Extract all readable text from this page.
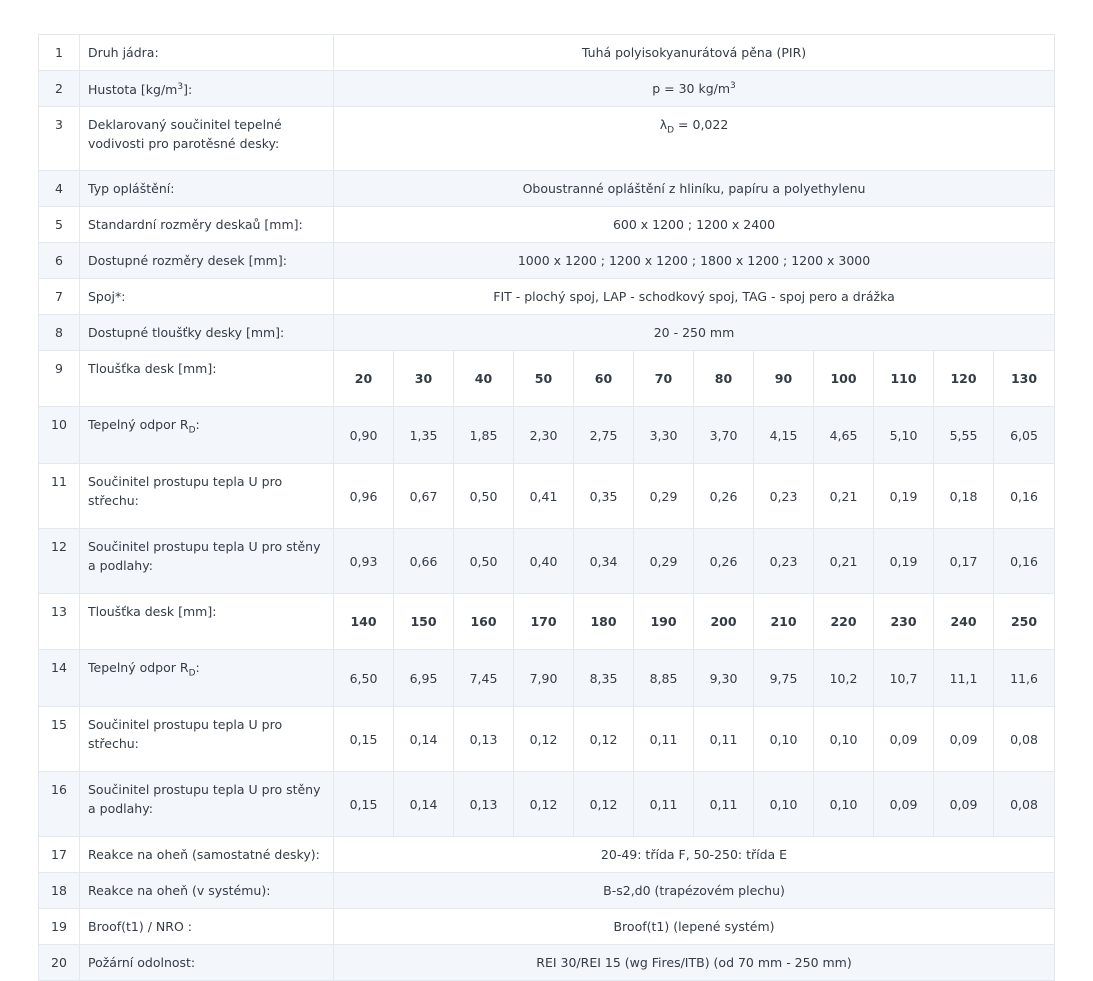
1	Druh jádra:	Tuhá polyisokyanurátová pěna (PIR)											
2	Hustota $[kg/m^3]$:	p = 30 $kg/m^3$
3	Deklarovaný součinitel tepelné vodivosti pro parotěsné desky:	$\lambda_D = 0,022$											
4	Typ opláštění:	Oboustranné opláštění z hliníku, papíru a polyethylenu											
5	Standardní rozměry deskaů [mm]:	600 x 1200 ; 1200 x 2400											
6	Dostupné rozměry desek [mm]:	1000 x 1200 ; 1200 x 1200 ; 1800 x 1200 ; 1200 x 3000											
7	Spoj*:	FIT - plochý spoj, LAP - schodkový spoj, TAG - spoj pero a drážka											
8	Dostupné tloušťky desky [mm]:	20 - 250 mm											
9	Tloušťka desk [mm]:	20	30	40	50	60	70	80	90	100	110	120	130
10	Tepelný odpor $R_D$:	0,90	1,35	1,85	2,30	2,75	3,30	3,70	4,15	4,65	5,10	5,55	6,05
11	Součinitel prostupu tepla U pro střechu:	0,96	0,67	0,50	0,41	0,35	0,29	0,26	0,23	0,21	0,19	0,18	0,16
12	Součinitel prostupu tepla U pro stěny a podlahy:	0,93	0,66	0,50	0,40	0,34	0,29	0,26	0,23	0,21	0,19	0,17	0,16
13	Tloušťka desk [mm]:	140	150	160	170	180	190	200	210	220	230	240	250
14	Tepelný odpor $R_D$:	6,50	6,95	7,45	7,90	8,35	8,85	9,30	9,75	10,2	10,7	11,1	11,6
15	Součinitel prostupu tepla U pro střechu:	0,15	0,14	0,13	0,12	0,12	0,11	0,11	0,10	0,10	0,09	0,09	0,08
16	Součinitel prostupu tepla U pro stěny a podlahy:	0,15	0,14	0,13	0,12	0,12	0,11	0,11	0,10	0,10	0,09	0,09	0,08
17	Reakce na oheň (samostatné desky):	20-49: třída F, 50-250: třída E											
18	Reakce na oheň (v systému):	B-s2,d0 (trapézovém plechu)											
19	Broof(t1) / NRO :	Broof(t1) (lepené systém)											
20	Požární odolnost:	REI 30/REI 15 (wg Fires/ITB) (od 70 mm - 250 mm)											
